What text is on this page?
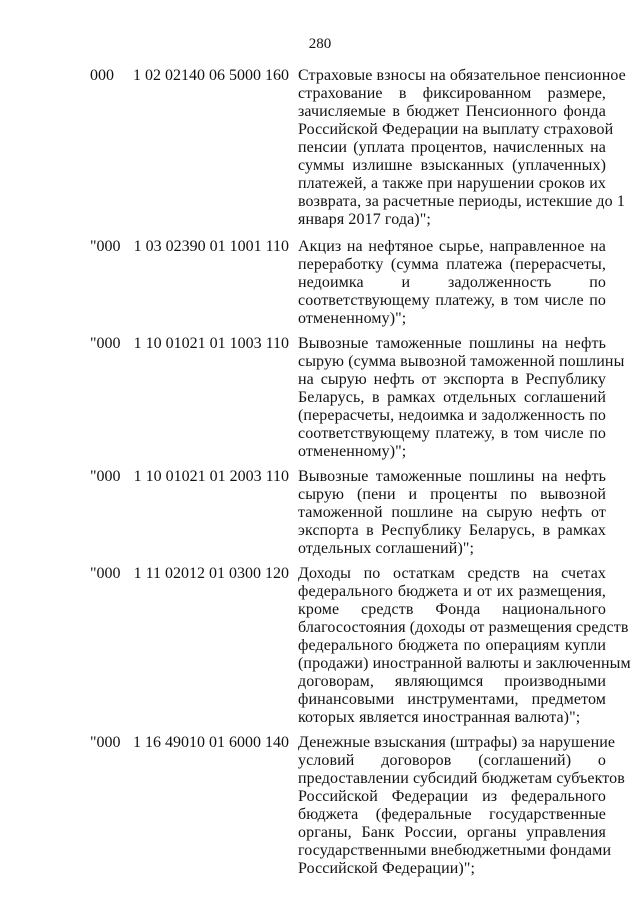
280
000	1 02 02140 06 5000 160 Страховые взносы на обязательное пенсионное
страхование в фиксированном размере,
зачисляемые в бюджет Пенсионного фонда
Российской Федерации на выплату страховой
пенсии (уплата процентов, начисленных на
суммы излишне взысканных (уплаченных)
платежей, а также при нарушении сроков их
возврата, за расчетные периоды, истекшие до 1
января 2017 года)";
"000 1 03 02390 01 1001 110 Акциз на нефтяное сырье, направленное на
переработку (сумма платежа (перерасчеты,
недоимка и задолженность по
соответствующему платежу, в том числе по
отмененному)";
"000 1 10 01021 01 1003 110 Вывозные таможенные пошлины на нефть
сырую (сумма вывозной таможенной пошлины
на сырую нефть от экспорта в Республику
Беларусь, в рамках отдельных соглашений
(перерасчеты, недоимка и задолженность по
соответствующему платежу, в том числе по
отмененному)";
"000 1 10 01021 01 2003 110 Вывозные таможенные пошлины на нефть
сырую (пени и проценты по вывозной
таможенной пошлине на сырую нефть от
экспорта в Республику Беларусь, в рамках
отдельных соглашений)";
"000 1 11 02012 01 0300 120 Доходы по остаткам средств на счетах
федерального бюджета и от их размещения,
кроме средств Фонда национального
благосостояния (доходы от размещения средств
федерального бюджета по операциям купли
(продажи) иностранной валюты и заключенным
договорам, являющимся производными
финансовыми инструментами, предметом
которых является иностранная валюта)";
"000 1 16 49010 01 6000 140 Денежные взыскания (штрафы) за нарушение
условий договоров (соглашений) о
предоставлении субсидий бюджетам субъектов
Российской Федерации из федерального
бюджета (федеральные государственные
органы, Банк России, органы управления
государственными внебюджетными фондами
Российской Федерации)";
